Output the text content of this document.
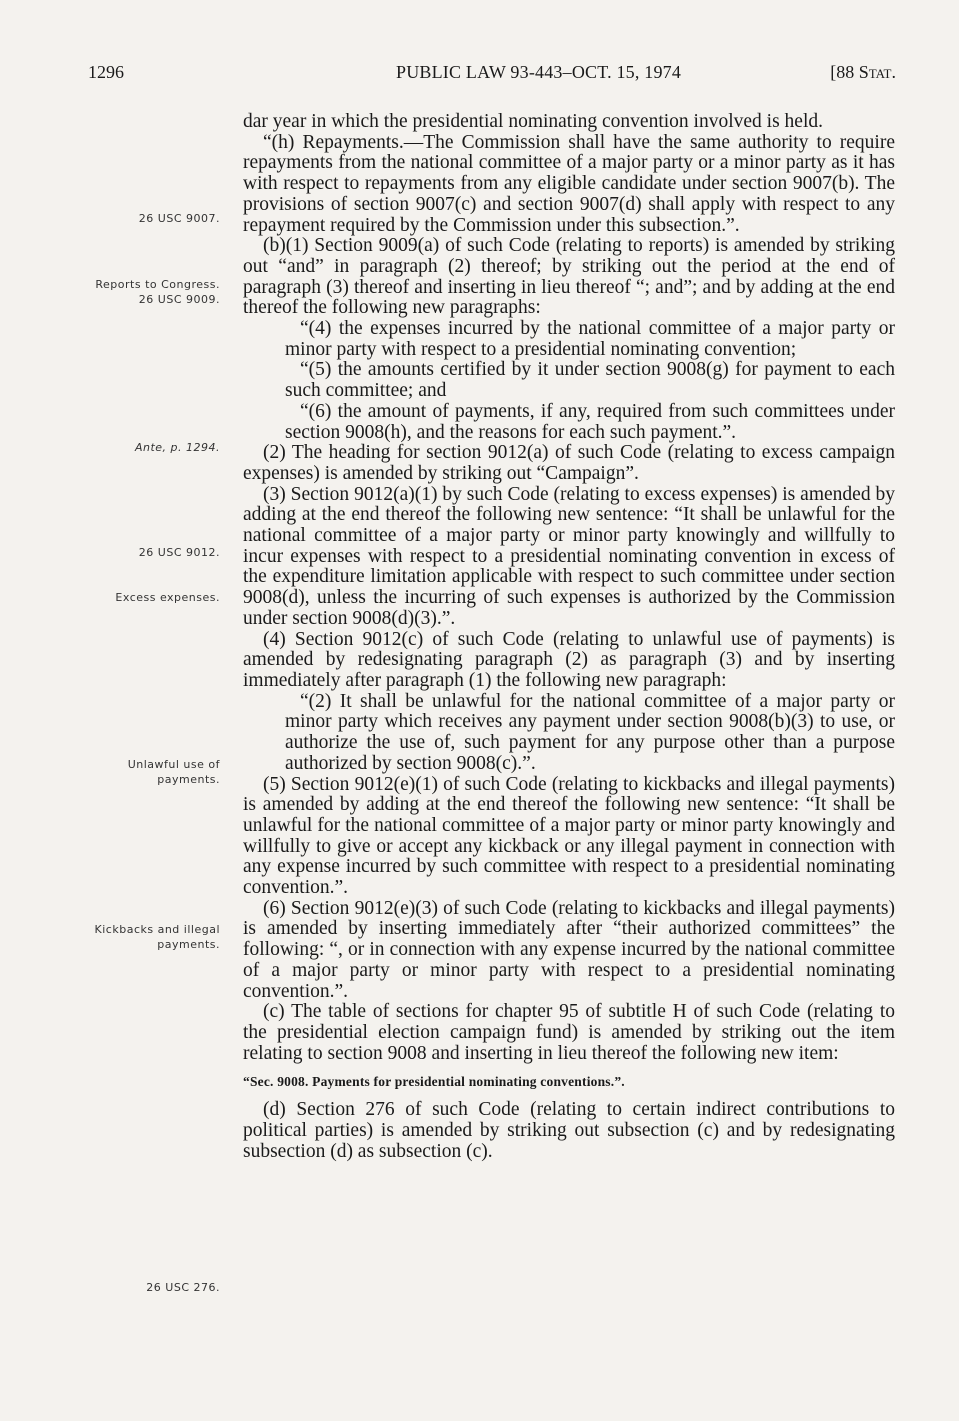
1296	PUBLIC LAW 93-443–OCT. 15, 1974	[88 Stat.
26 USC 9007.
Reports to Congress. 26 USC 9009.
Ante, p. 1294.
26 USC 9012.
Excess expenses.
Unlawful use of payments.
Kickbacks and illegal payments.
26 USC 276.

dar year in which the presidential nominating convention involved is held.

“(h) Repayments.—The Commission shall have the same authority to require repayments from the national committee of a major party or a minor party as it has with respect to repayments from any eligible candidate under section 9007(b). The provisions of section 9007(c) and section 9007(d) shall apply with respect to any repayment required by the Commission under this subsection.”.

(b)(1) Section 9009(a) of such Code (relating to reports) is amended by striking out “and” in paragraph (2) thereof; by striking out the period at the end of paragraph (3) thereof and inserting in lieu thereof “; and”; and by adding at the end thereof the following new paragraphs:

“(4) the expenses incurred by the national committee of a major party or minor party with respect to a presidential nominating convention;

“(5) the amounts certified by it under section 9008(g) for payment to each such committee; and

“(6) the amount of payments, if any, required from such committees under section 9008(h), and the reasons for each such payment.”.

(2) The heading for section 9012(a) of such Code (relating to excess campaign expenses) is amended by striking out “Campaign”.

(3) Section 9012(a)(1) by such Code (relating to excess expenses) is amended by adding at the end thereof the following new sentence: “It shall be unlawful for the national committee of a major party or minor party knowingly and willfully to incur expenses with respect to a presidential nominating convention in excess of the expenditure limitation applicable with respect to such committee under section 9008(d), unless the incurring of such expenses is authorized by the Commission under section 9008(d)(3).”.

(4) Section 9012(c) of such Code (relating to unlawful use of payments) is amended by redesignating paragraph (2) as paragraph (3) and by inserting immediately after paragraph (1) the following new paragraph:

“(2) It shall be unlawful for the national committee of a major party or minor party which receives any payment under section 9008(b)(3) to use, or authorize the use of, such payment for any purpose other than a purpose authorized by section 9008(c).”.

(5) Section 9012(e)(1) of such Code (relating to kickbacks and illegal payments) is amended by adding at the end thereof the following new sentence: “It shall be unlawful for the national committee of a major party or minor party knowingly and willfully to give or accept any kickback or any illegal payment in connection with any expense incurred by such committee with respect to a presidential nominating convention.”.

(6) Section 9012(e)(3) of such Code (relating to kickbacks and illegal payments) is amended by inserting immediately after “their authorized committees” the following: “, or in connection with any expense incurred by the national committee of a major party or minor party with respect to a presidential nominating convention.”.

(c) The table of sections for chapter 95 of subtitle H of such Code (relating to the presidential election campaign fund) is amended by striking out the item relating to section 9008 and inserting in lieu thereof the following new item:

“Sec. 9008. Payments for presidential nominating conventions.”.

(d) Section 276 of such Code (relating to certain indirect contributions to political parties) is amended by striking out subsection (c) and by redesignating subsection (d) as subsection (c).
